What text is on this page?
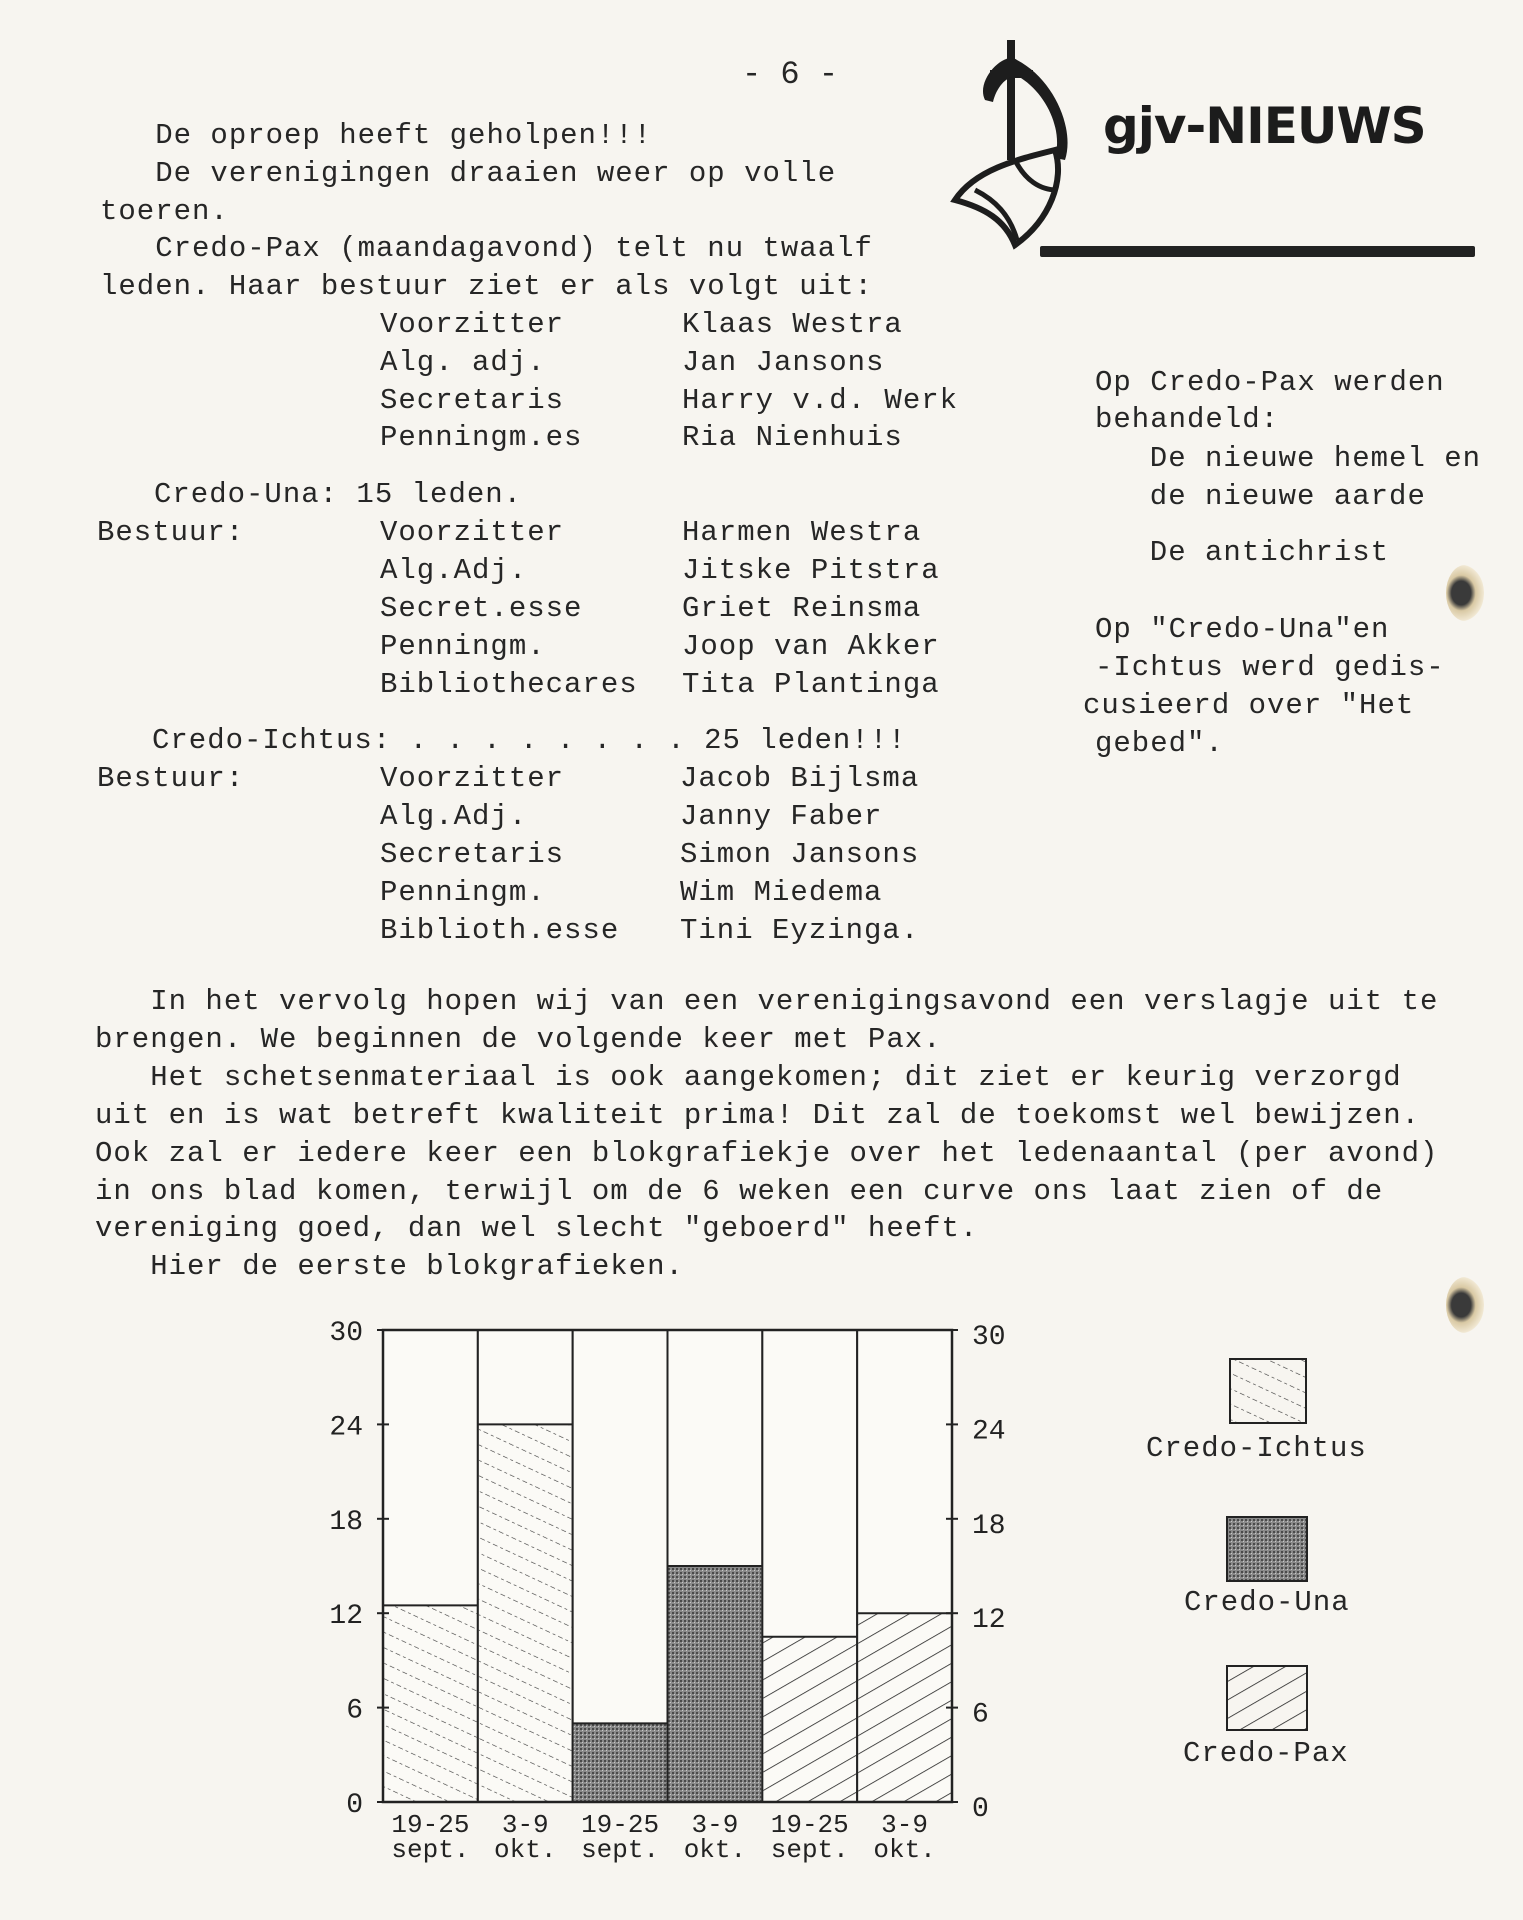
- 6 -
gjv-NIEUWS
De oproep heeft geholpen!!!
De verenigingen draaien weer op volle
toeren.
Credo-Pax (maandagavond) telt nu twaalf
leden. Haar bestuur ziet er als volgt uit:
Voorzitter	Klaas Westra
Alg. adj.	Jan Jansons
Secretaris	Harry v.d. Werk
Penningm.es	Ria Nienhuis
Credo-Una: 15 leden.
Bestuur:	Voorzitter	Harmen Westra
Alg.Adj.	Jitske Pitstra
Secret.esse	Griet Reinsma
Penningm.	Joop van Akker
Bibliothecares Tita Plantinga
Credo-Ichtus: . . . . . . . . 25 leden!!!
Bestuur:	Voorzitter	Jacob Bijlsma
Alg.Adj.	Janny Faber
Secretaris	Simon Jansons
Penningm.	Wim Miedema
Biblioth.esse Tini Eyzinga.
Op Credo-Pax werden
behandeld:
De nieuwe hemel en
de nieuwe aarde
De antichrist
Op "Credo-Una"en
-Ichtus werd gedis-
cusieerd over "Het
gebed".
In het vervolg hopen wij van een verenigingsavond een verslagje uit te
brengen. We beginnen de volgende keer met Pax.
Het schetsenmateriaal is ook aangekomen; dit ziet er keurig verzorgd
uit en is wat betreft kwaliteit prima! Dit zal de toekomst wel bewijzen.
Ook zal er iedere keer een blokgrafiekje over het ledenaantal (per avond)
in ons blad komen, terwijl om de 6 weken een curve ons laat zien of de
vereniging goed, dan wel slecht "geboerd" heeft.
Hier de eerste blokgrafieken.
19-25
sept.
3-9
okt.
19-25
sept.
3-9
okt.
19-25
sept.
3-9
okt.
0	0
6	6
12	12
18	18
24	24
30	30
Credo-Ichtus
Credo-Una
Credo-Pax
